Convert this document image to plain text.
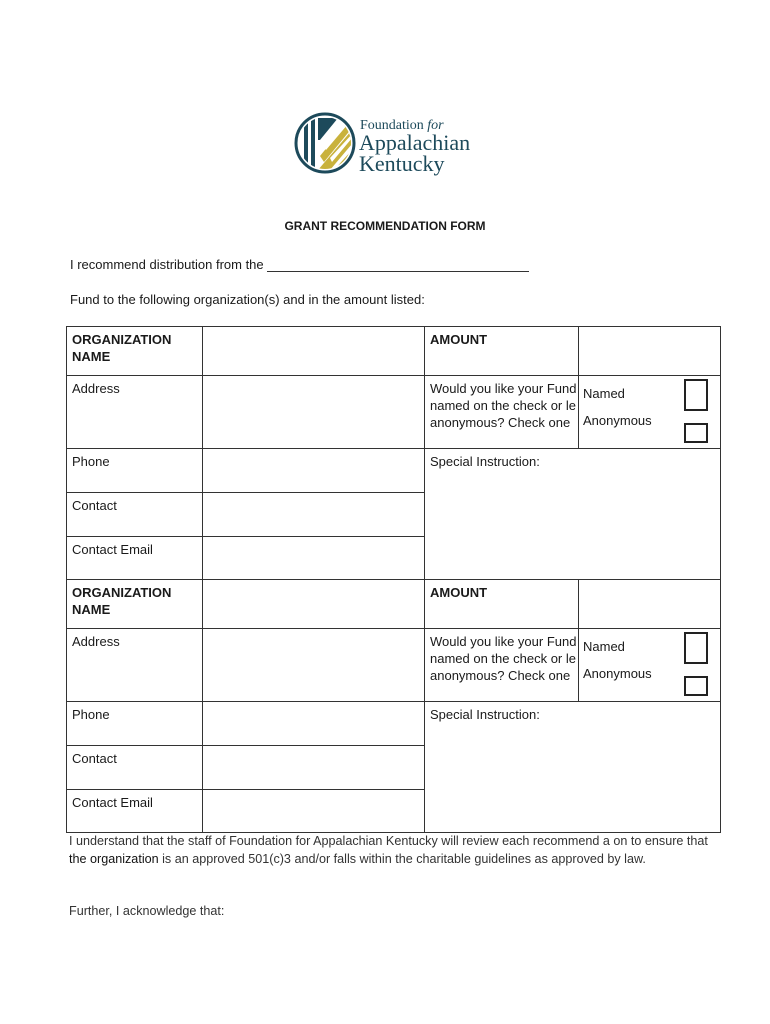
Foundation for
Appalachian
Kentucky
GRANT RECOMMENDATION FORM
I recommend distribution from the
Fund to the following organization(s) and in the amount listed:
ORGANIZATION NAME		AMOUNT	
Address		Would you like your Fund named on the check or le anonymous? Check one	Named
Anonymous

Phone		Special Instruction:	
Contact			
Contact Email			
ORGANIZATION NAME		AMOUNT	
Address		Would you like your Fund named on the check or le anonymous? Check one	Named
Anonymous

Phone		Special Instruction:	
Contact			
Contact Email			
I understand that the staff of Foundation for Appalachian Kentucky will review each recommend a on to ensure that the organization is an approved 501(c)3 and/or falls within the charitable guidelines as approved by law.
Further, I acknowledge that:
